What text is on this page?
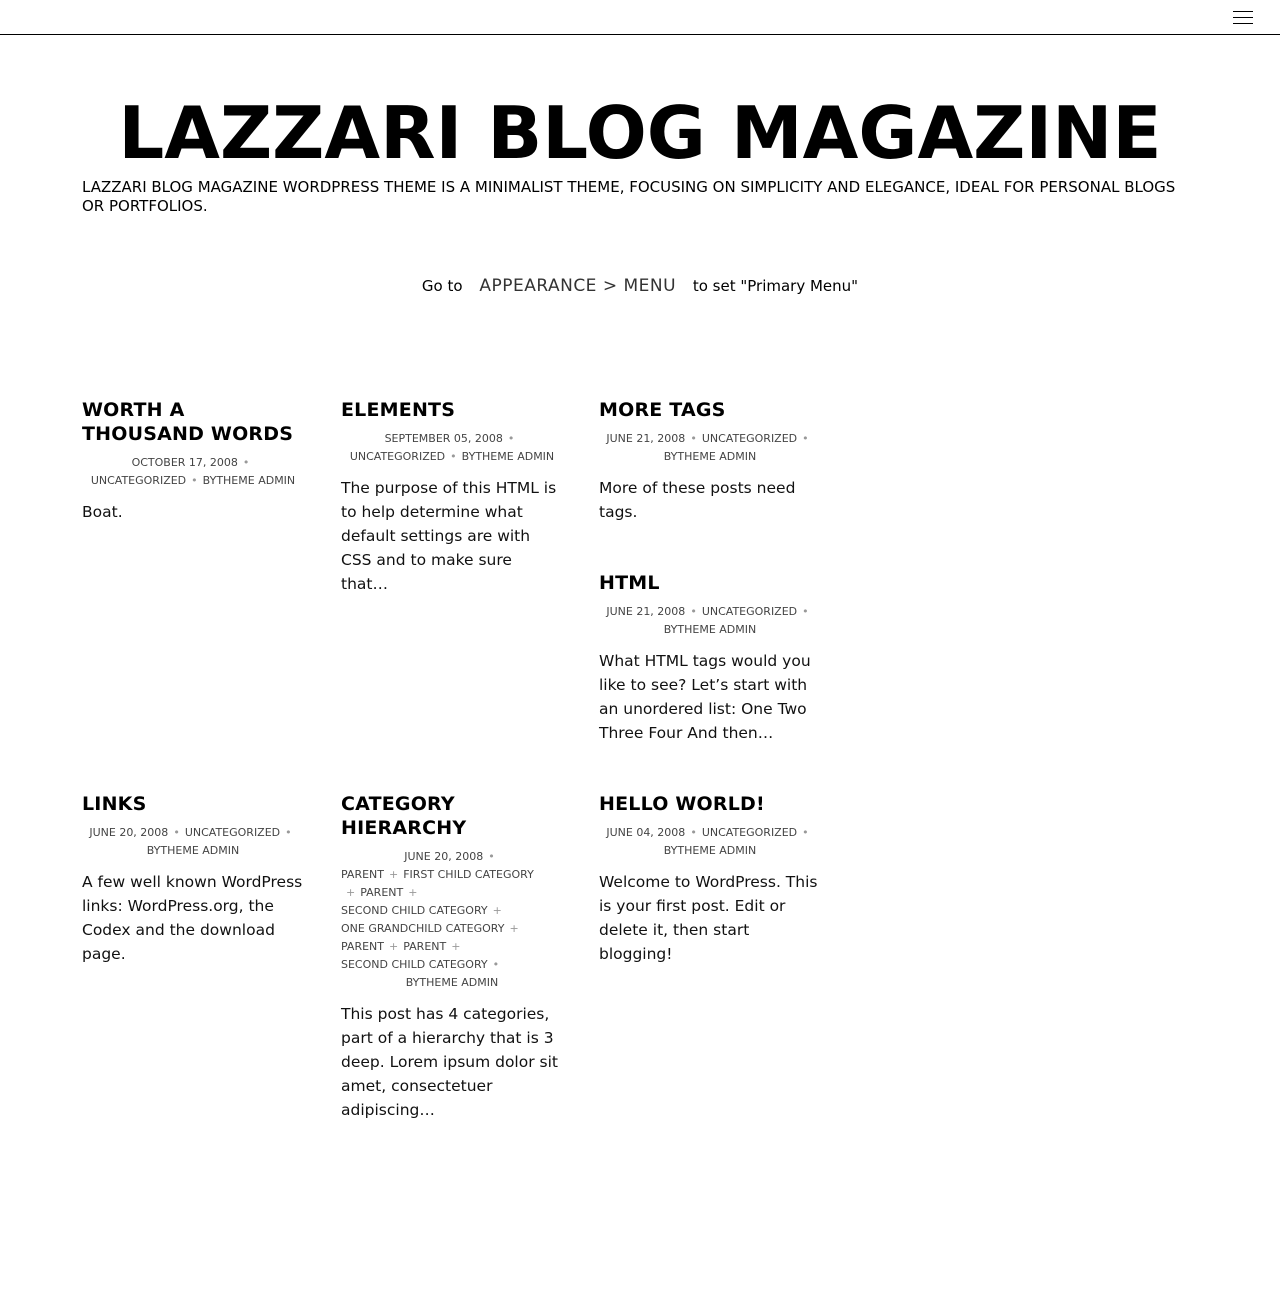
LAZZARI BLOG MAGAZINE

LAZZARI BLOG MAGAZINE WORDPRESS THEME IS A MINIMALIST THEME, FOCUSING ON SIMPLICITY AND ELEGANCE, IDEAL FOR PERSONAL BLOGS OR PORTFOLIOS.

Go to APPEARANCE > MENU to set "Primary Menu"
WORTH A THOUSAND WORDS
OCTOBER 17, 2008 •
UNCATEGORIZED • BYTHEME ADMIN

Boat.

ELEMENTS
SEPTEMBER 05, 2008 •
UNCATEGORIZED • BYTHEME ADMIN

The purpose of this HTML is to help determine what default settings are with CSS and to make sure that…

MORE TAGS
JUNE 21, 2008 • UNCATEGORIZED •
BYTHEME ADMIN

More of these posts need tags.

HTML
JUNE 21, 2008 • UNCATEGORIZED •
BYTHEME ADMIN

What HTML tags would you like to see? Let’s start with an unordered list: One Two Three Four And then…

LINKS
JUNE 20, 2008 • UNCATEGORIZED •
BYTHEME ADMIN

A few well known WordPress links: WordPress.org, the Codex and the download page.

CATEGORY HIERARCHY
JUNE 20, 2008 •

PARENT + FIRST CHILD CATEGORY
+ PARENT +
SECOND CHILD CATEGORY +
ONE GRANDCHILD CATEGORY +
PARENT + PARENT +
SECOND CHILD CATEGORY •
BYTHEME ADMIN

This post has 4 categories, part of a hierarchy that is 3 deep. Lorem ipsum dolor sit amet, consectetuer adipiscing…

HELLO WORLD!
JUNE 04, 2008 • UNCATEGORIZED •
BYTHEME ADMIN

Welcome to WordPress. This is your first post. Edit or delete it, then start blogging!
